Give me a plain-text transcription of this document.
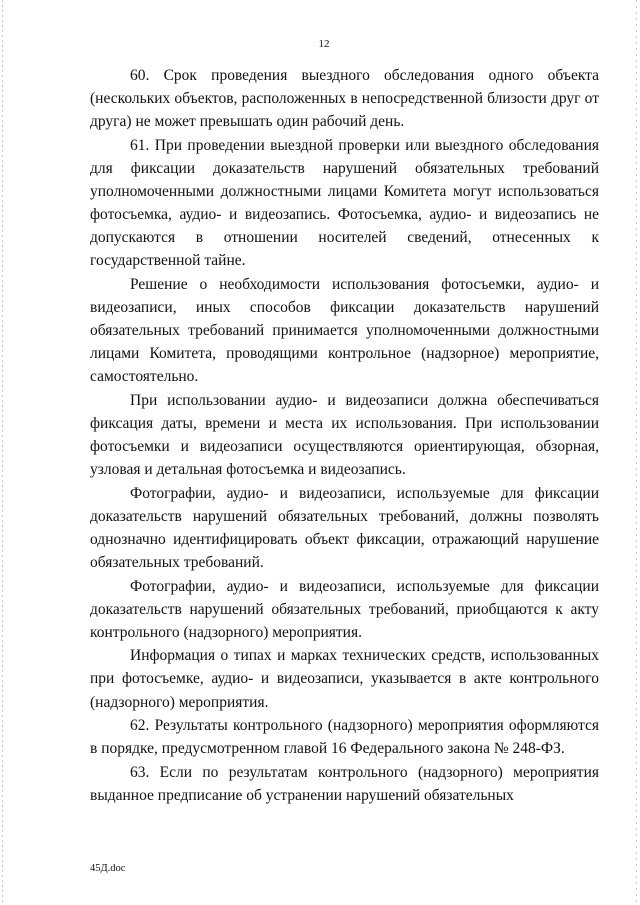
12

60. Срок проведения выездного обследования одного объекта (нескольких объектов, расположенных в непосредственной близости друг от друга) не может превышать один рабочий день.

61. При проведении выездной проверки или выездного обследования для фиксации доказательств нарушений обязательных требований уполномоченными должностными лицами Комитета могут использоваться фотосъемка, аудио- и видеозапись. Фотосъемка, аудио- и видеозапись не допускаются в отношении носителей сведений, отнесенных к государственной тайне.

Решение о необходимости использования фотосъемки, аудио- и видеозаписи, иных способов фиксации доказательств нарушений обязательных требований принимается уполномоченными должностными лицами Комитета, проводящими контрольное (надзорное) мероприятие, самостоятельно.

При использовании аудио- и видеозаписи должна обеспечиваться фиксация даты, времени и места их использования. При использовании фотосъемки и видеозаписи осуществляются ориентирующая, обзорная, узловая и детальная фотосъемка и видеозапись.

Фотографии, аудио- и видеозаписи, используемые для фиксации доказательств нарушений обязательных требований, должны позволять однозначно идентифицировать объект фиксации, отражающий нарушение обязательных требований.

Фотографии, аудио- и видеозаписи, используемые для фиксации доказательств нарушений обязательных требований, приобщаются к акту контрольного (надзорного) мероприятия.

Информация о типах и марках технических средств, использованных при фотосъемке, аудио- и видеозаписи, указывается в акте контрольного (надзорного) мероприятия.

62. Результаты контрольного (надзорного) мероприятия оформляются в порядке, предусмотренном главой 16 Федерального закона № 248-ФЗ.

63. Если по результатам контрольного (надзорного) мероприятия выданное предписание об устранении нарушений обязательных

45Д.doc
